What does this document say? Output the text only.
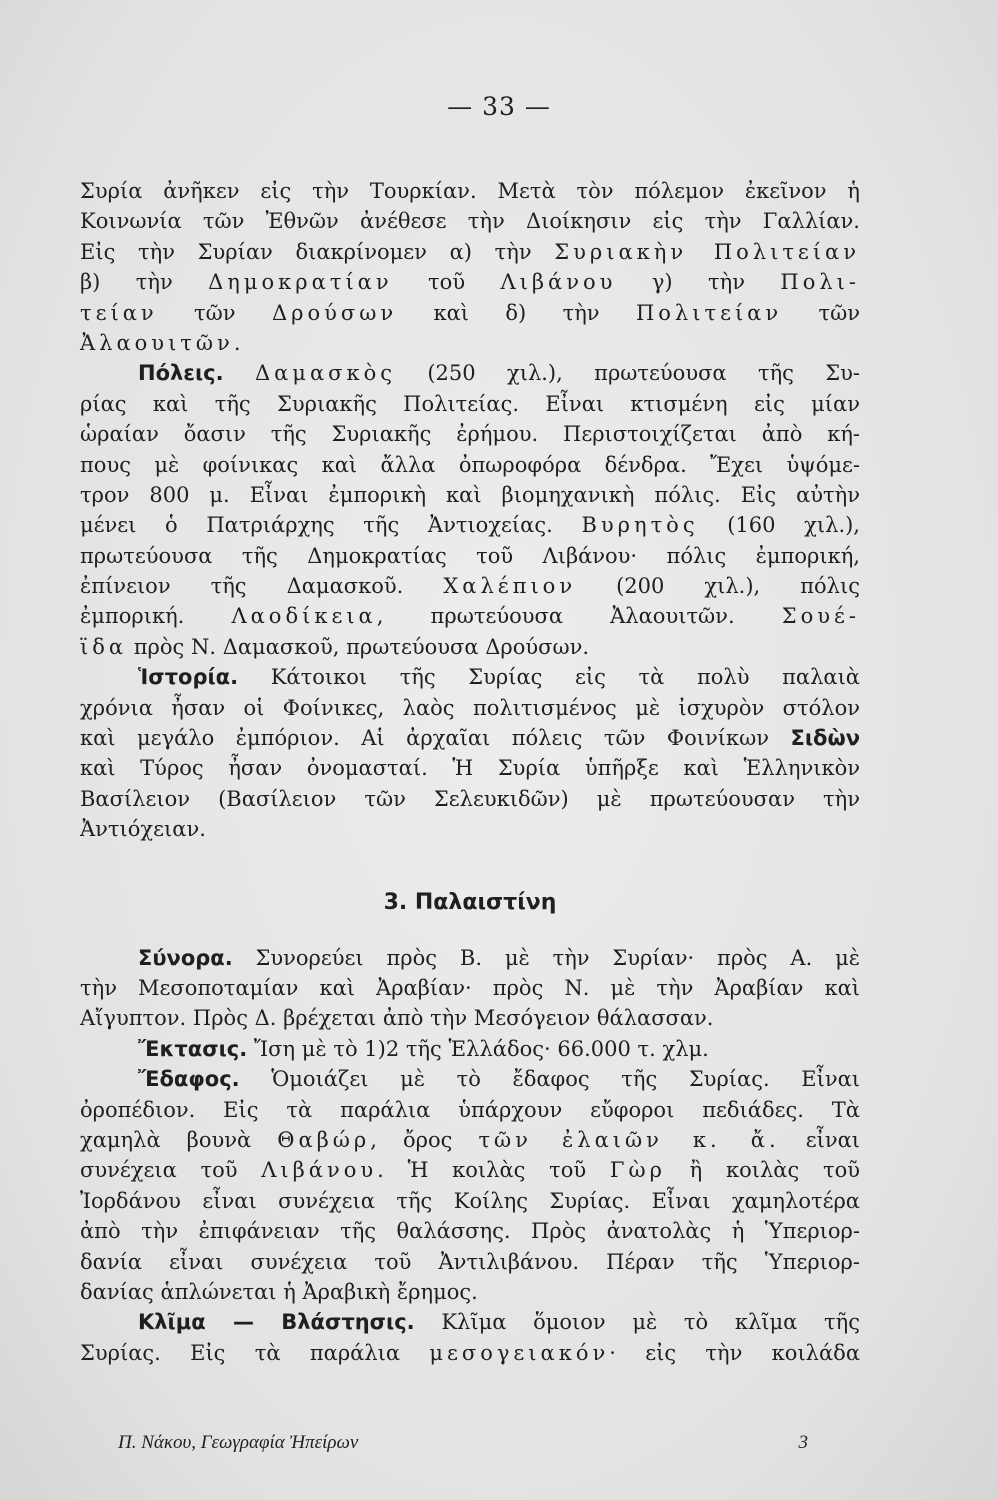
— 33 —
Συρία ἀνῆκεν εἰς τὴν Τουρκίαν. Μετὰ τὸν πόλεμον ἐκεῖνον ἡ
Κοινωνία τῶν Ἐθνῶν ἀνέθεσε τὴν Διοίκησιν εἰς τὴν Γαλλίαν.
Εἰς τὴν Συρίαν διακρίνομεν α) τὴν Συριακὴν Πολιτείαν
β) τὴν Δημοκρατίαν τοῦ Λιβάνου γ) τὴν Πολι-
τείαν τῶν Δρούσων καὶ δ) τὴν Πολιτείαν τῶν
Ἀλαουιτῶν.
Πόλεις. Δαμασκὸς (250 χιλ.), πρωτεύουσα τῆς Συ-
ρίας καὶ τῆς Συριακῆς Πολιτείας. Εἶναι κτισμένη εἰς μίαν
ὡραίαν ὄασιν τῆς Συριακῆς ἐρήμου. Περιστοιχίζεται ἀπὸ κή-
πους μὲ φοίνικας καὶ ἄλλα ὀπωροφόρα δένδρα. Ἔχει ὑψόμε-
τρον 800 μ. Εἶναι ἐμπορικὴ καὶ βιομηχανικὴ πόλις. Εἰς αὐτὴν
μένει ὁ Πατριάρχης τῆς Ἀντιοχείας. Βυρητὸς (160 χιλ.),
πρωτεύουσα τῆς Δημοκρατίας τοῦ Λιβάνου· πόλις ἐμπορική,
ἐπίνειον τῆς Δαμασκοῦ. Χαλέπιον (200 χιλ.), πόλις
ἐμπορική. Λαοδίκεια, πρωτεύουσα Ἀλαουιτῶν. Σουέ-
ϊδα πρὸς Ν. Δαμασκοῦ, πρωτεύουσα Δρούσων.
Ἱστορία. Κάτοικοι τῆς Συρίας εἰς τὰ πολὺ παλαιὰ
χρόνια ἦσαν οἱ Φοίνικες, λαὸς πολιτισμένος μὲ ἰσχυρὸν στόλον
καὶ μεγάλο ἐμπόριον. Αἱ ἀρχαῖαι πόλεις τῶν Φοινίκων Σιδὼν
καὶ Τύρος ἦσαν ὀνομασταί. Ἡ Συρία ὑπῆρξε καὶ Ἑλληνικὸν
Βασίλειον (Βασίλειον τῶν Σελευκιδῶν) μὲ πρωτεύουσαν τὴν
Ἀντιόχειαν.
3. Παλαιστίνη
Σύνορα. Συνορεύει πρὸς Β. μὲ τὴν Συρίαν· πρὸς Α. μὲ
τὴν Μεσοποταμίαν καὶ Ἀραβίαν· πρὸς Ν. μὲ τὴν Ἀραβίαν καὶ
Αἴγυπτον. Πρὸς Δ. βρέχεται ἀπὸ τὴν Μεσόγειον θάλασσαν.
Ἔκτασις. Ἴση μὲ τὸ 1)2 τῆς Ἑλλάδος· 66.000 τ. χλμ.
Ἔδαφος. Ὁμοιάζει μὲ τὸ ἔδαφος τῆς Συρίας. Εἶναι
ὀροπέδιον. Εἰς τὰ παράλια ὑπάρχουν εὔφοροι πεδιάδες. Τὰ
χαμηλὰ βουνὰ Θαβώρ, ὄρος τῶν ἐλαιῶν κ. ἄ. εἶναι
συνέχεια τοῦ Λιβάνου. Ἡ κοιλὰς τοῦ Γὼρ ἢ κοιλὰς τοῦ
Ἰορδάνου εἶναι συνέχεια τῆς Κοίλης Συρίας. Εἶναι χαμηλοτέρα
ἀπὸ τὴν ἐπιφάνειαν τῆς θαλάσσης. Πρὸς ἀνατολὰς ἡ Ὑπεριορ-
δανία εἶναι συνέχεια τοῦ Ἀντιλιβάνου. Πέραν τῆς Ὑπεριορ-
δανίας ἁπλώνεται ἡ Ἀραβικὴ ἔρημος.
Κλῖμα — Βλάστησις. Κλῖμα ὅμοιον μὲ τὸ κλῖμα τῆς
Συρίας. Εἰς τὰ παράλια μεσογειακόν· εἰς τὴν κοιλάδα
Π. Νάκου, Γεωγραφία Ἠπείρων	3
